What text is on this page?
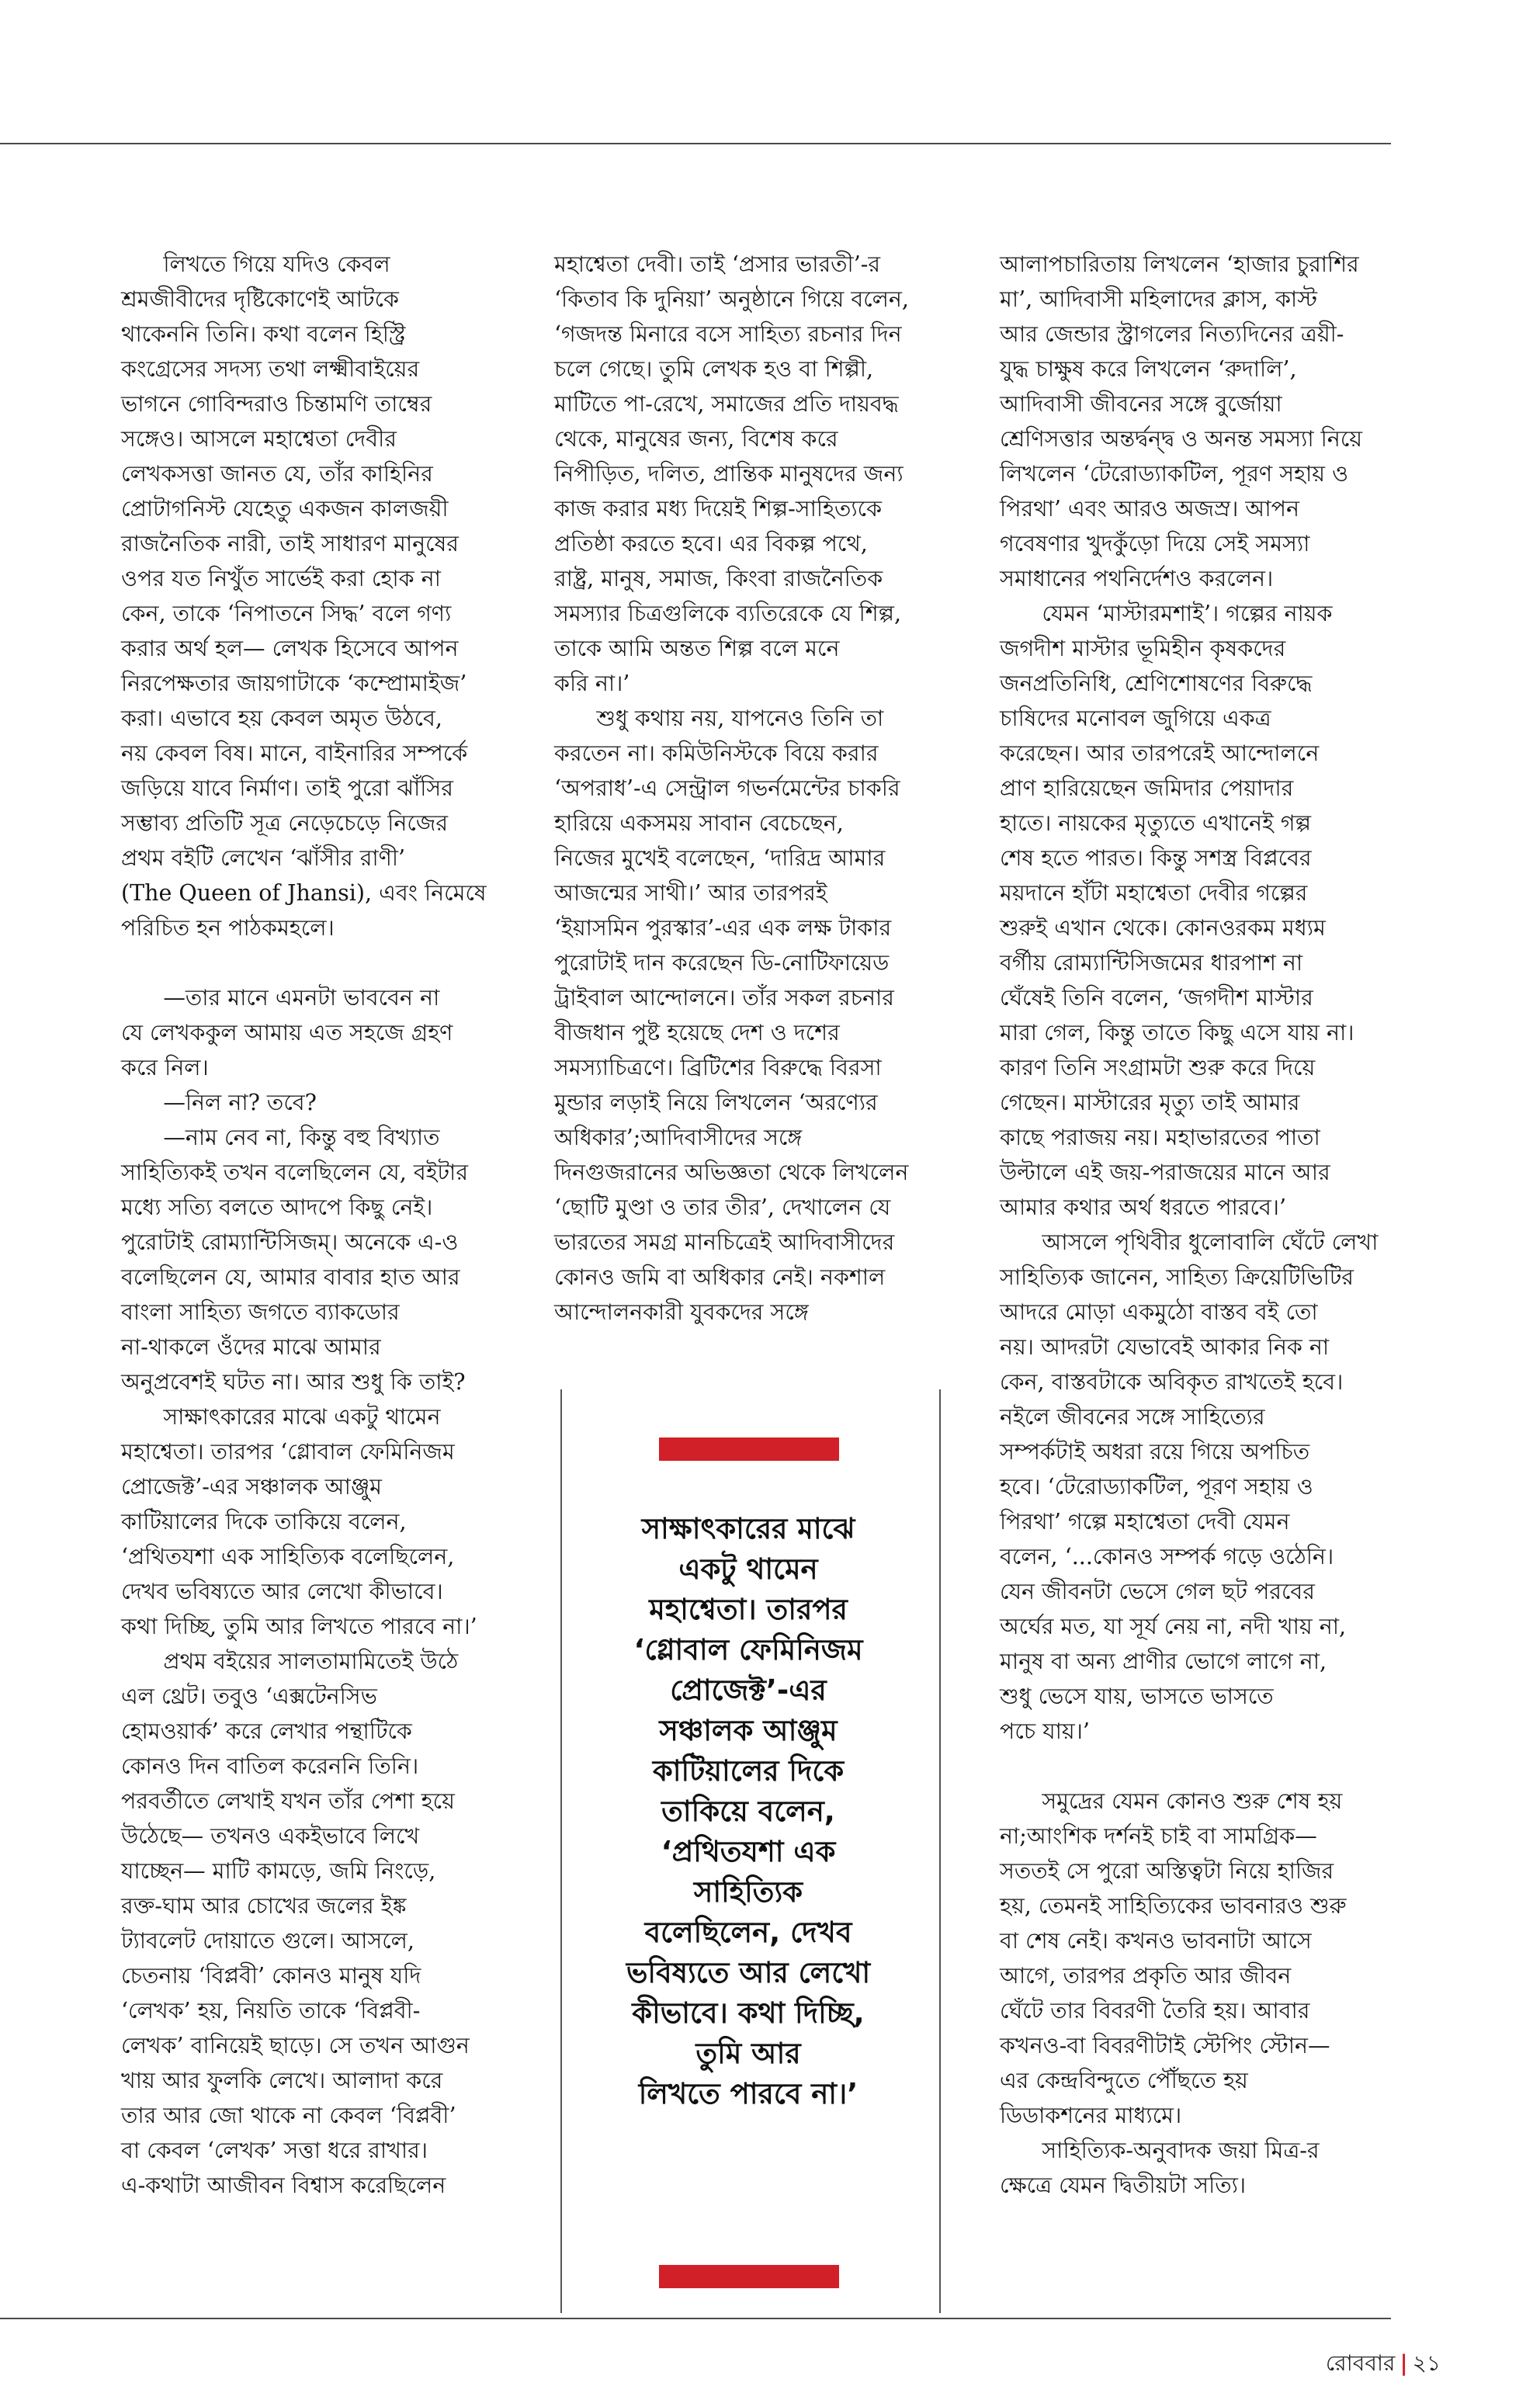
লিখতে গিয়ে যদিও কেবল

শ্রমজীবীদের দৃষ্টিকোণেই আটকে

থাকেননি তিনি। কথা বলেন হিস্ট্রি

কংগ্রেসের সদস্য তথা লক্ষ্মীবাইয়ের

ভাগনে গোবিন্দরাও চিন্তামণি তাম্বের

সঙ্গেও। আসলে মহাশ্বেতা দেবীর

লেখকসত্তা জানত যে, তাঁর কাহিনির

প্রোটাগনিস্ট যেহেতু একজন কালজয়ী

রাজনৈতিক নারী, তাই সাধারণ মানুষের

ওপর যত নিখুঁত সার্ভেই করা হোক না

কেন, তাকে ‘নিপাতনে সিদ্ধ’ বলে গণ্য

করার অর্থ হল— লেখক হিসেবে আপন

নিরপেক্ষতার জায়গাটাকে ‘কম্প্রোমাইজ’

করা। এভাবে হয় কেবল অমৃত উঠবে,

নয় কেবল বিষ। মানে, বাইনারির সম্পর্কে

জড়িয়ে যাবে নির্মাণ। তাই পুরো ঝাঁসির

সম্ভাব্য প্রতিটি সূত্র নেড়েচেড়ে নিজের

প্রথম বইটি লেখেন ‘ঝাঁসীর রাণী’

(The Queen of Jhansi), এবং নিমেষে

পরিচিত হন পাঠকমহলে।

—তার মানে এমনটা ভাববেন না

যে লেখককুল আমায় এত সহজে গ্রহণ

করে নিল।

—নিল না? তবে?

—নাম নেব না, কিন্তু বহু বিখ্যাত

সাহিত্যিকই তখন বলেছিলেন যে, বইটার

মধ্যে সত্যি বলতে আদপে কিছু নেই।

পুরোটাই রোম্যান্টিসিজম্। অনেকে এ-ও

বলেছিলেন যে, আমার বাবার হাত আর

বাংলা সাহিত্য জগতে ব্যাকডোর

না-থাকলে ওঁদের মাঝে আমার

অনুপ্রবেশই ঘটত না। আর শুধু কি তাই?

সাক্ষাৎকারের মাঝে একটু থামেন

মহাশ্বেতা। তারপর ‘গ্লোবাল ফেমিনিজম

প্রোজেক্ট’-এর সঞ্চালক আঞ্জুম

কাটিয়ালের দিকে তাকিয়ে বলেন,

‘প্রথিতযশা এক সাহিত্যিক বলেছিলেন,

দেখব ভবিষ্যতে আর লেখো কীভাবে।

কথা দিচ্ছি, তুমি আর লিখতে পারবে না।’

প্রথম বইয়ের সালতামামিতেই উঠে

এল থ্রেট। তবুও ‘এক্সটেনসিভ

হোমওয়ার্ক’ করে লেখার পন্থাটিকে

কোনও দিন বাতিল করেননি তিনি।

পরবর্তীতে লেখাই যখন তাঁর পেশা হয়ে

উঠেছে— তখনও একইভাবে লিখে

যাচ্ছেন— মাটি কামড়ে, জমি নিংড়ে,

রক্ত-ঘাম আর চোখের জলের ইঙ্ক

ট্যাবলেট দোয়াতে গুলে। আসলে,

চেতনায় ‘বিপ্লবী’ কোনও মানুষ যদি

‘লেখক’ হয়, নিয়তি তাকে ‘বিপ্লবী-

লেখক’ বানিয়েই ছাড়ে। সে তখন আগুন

খায় আর ফুলকি লেখে। আলাদা করে

তার আর জো থাকে না কেবল ‘বিপ্লবী’

বা কেবল ‘লেখক’ সত্তা ধরে রাখার।

এ-কথাটা আজীবন বিশ্বাস করেছিলেন

মহাশ্বেতা দেবী। তাই ‘প্রসার ভারতী’-র

‘কিতাব কি দুনিয়া’ অনুষ্ঠানে গিয়ে বলেন,

‘গজদন্ত মিনারে বসে সাহিত্য রচনার দিন

চলে গেছে। তুমি লেখক হও বা শিল্পী,

মাটিতে পা-রেখে, সমাজের প্রতি দায়বদ্ধ

থেকে, মানুষের জন্য, বিশেষ করে

নিপীড়িত, দলিত, প্রান্তিক মানুষদের জন্য

কাজ করার মধ্য দিয়েই শিল্প-সাহিত্যকে

প্রতিষ্ঠা করতে হবে। এর বিকল্প পথে,

রাষ্ট্র, মানুষ, সমাজ, কিংবা রাজনৈতিক

সমস্যার চিত্রগুলিকে ব্যতিরেকে যে শিল্প,

তাকে আমি অন্তত শিল্প বলে মনে

করি না।’

শুধু কথায় নয়, যাপনেও তিনি তা

করতেন না। কমিউনিস্টকে বিয়ে করার

‘অপরাধ’-এ সেন্ট্রাল গভর্নমেন্টের চাকরি

হারিয়ে একসময় সাবান বেচেছেন,

নিজের মুখেই বলেছেন, ‘দারিদ্র আমার

আজন্মের সাথী।’ আর তারপরই

‘ইয়াসমিন পুরস্কার’-এর এক লক্ষ টাকার

পুরোটাই দান করেছেন ডি-নোটিফায়েড

ট্রাইবাল আন্দোলনে। তাঁর সকল রচনার

বীজধান পুষ্ট হয়েছে দেশ ও দশের

সমস্যাচিত্রণে। ব্রিটিশের বিরুদ্ধে বিরসা

মুন্ডার লড়াই নিয়ে লিখলেন ‘অরণ্যের

অধিকার’;আদিবাসীদের সঙ্গে

দিনগুজরানের অভিজ্ঞতা থেকে লিখলেন

‘ছোটি মুণ্ডা ও তার তীর’, দেখালেন যে

ভারতের সমগ্র মানচিত্রেই আদিবাসীদের

কোনও জমি বা অধিকার নেই। নকশাল

আন্দোলনকারী যুবকদের সঙ্গে

সাক্ষাৎকারের মাঝে

একটু থামেন

মহাশ্বেতা। তারপর

‘গ্লোবাল ফেমিনিজম

প্রোজেক্ট’-এর

সঞ্চালক আঞ্জুম

কাটিয়ালের দিকে

তাকিয়ে বলেন,

‘প্রথিতযশা এক

সাহিত্যিক

বলেছিলেন, দেখব

ভবিষ্যতে আর লেখো

কীভাবে। কথা দিচ্ছি,

তুমি আর

লিখতে পারবে না।’

আলাপচারিতায় লিখলেন ‘হাজার চুরাশির

মা’, আদিবাসী মহিলাদের ক্লাস, কাস্ট

আর জেন্ডার স্ট্রাগলের নিত্যদিনের ত্রয়ী-

যুদ্ধ চাক্ষুষ করে লিখলেন ‘রুদালি’,

আদিবাসী জীবনের সঙ্গে বুর্জোয়া

শ্রেণিসত্তার অন্তর্দ্বন্দ্ব ও অনন্ত সমস্যা নিয়ে

লিখলেন ‘টেরোড্যাকটিল, পূরণ সহায় ও

পিরথা’ এবং আরও অজস্র। আপন

গবেষণার খুদকুঁড়ো দিয়ে সেই সমস্যা

সমাধানের পথনির্দেশও করলেন।

যেমন ‘মাস্টারমশাই’। গল্পের নায়ক

জগদীশ মাস্টার ভূমিহীন কৃষকদের

জনপ্রতিনিধি, শ্রেণিশোষণের বিরুদ্ধে

চাষিদের মনোবল জুগিয়ে একত্র

করেছেন। আর তারপরেই আন্দোলনে

প্রাণ হারিয়েছেন জমিদার পেয়াদার

হাতে। নায়কের মৃত্যুতে এখানেই গল্প

শেষ হতে পারত। কিন্তু সশস্ত্র বিপ্লবের

ময়দানে হাঁটা মহাশ্বেতা দেবীর গল্পের

শুরুই এখান থেকে। কোনওরকম মধ্যম

বর্গীয় রোম্যান্টিসিজমের ধারপাশ না

ঘেঁষেই তিনি বলেন, ‘জগদীশ মাস্টার

মারা গেল, কিন্তু তাতে কিছু এসে যায় না।

কারণ তিনি সংগ্রামটা শুরু করে দিয়ে

গেছেন। মাস্টারের মৃত্যু তাই আমার

কাছে পরাজয় নয়। মহাভারতের পাতা

উল্টালে এই জয়-পরাজয়ের মানে আর

আমার কথার অর্থ ধরতে পারবে।’

আসলে পৃথিবীর ধুলোবালি ঘেঁটে লেখা

সাহিত্যিক জানেন, সাহিত্য ক্রিয়েটিভিটির

আদরে মোড়া একমুঠো বাস্তব বই তো

নয়। আদরটা যেভাবেই আকার নিক না

কেন, বাস্তবটাকে অবিকৃত রাখতেই হবে।

নইলে জীবনের সঙ্গে সাহিত্যের

সম্পর্কটাই অধরা রয়ে গিয়ে অপচিত

হবে। ‘টেরোড্যাকটিল, পূরণ সহায় ও

পিরথা’ গল্পে মহাশ্বেতা দেবী যেমন

বলেন, ‘...কোনও সম্পর্ক গড়ে ওঠেনি।

যেন জীবনটা ভেসে গেল ছট পরবের

অর্ঘের মত, যা সূর্য নেয় না, নদী খায় না,

মানুষ বা অন্য প্রাণীর ভোগে লাগে না,

শুধু ভেসে যায়, ভাসতে ভাসতে

পচে যায়।’

সমুদ্রের যেমন কোনও শুরু শেষ হয়

না;আংশিক দর্শনই চাই বা সামগ্রিক—

সততই সে পুরো অস্তিত্বটা নিয়ে হাজির

হয়, তেমনই সাহিত্যিকের ভাবনারও শুরু

বা শেষ নেই। কখনও ভাবনাটা আসে

আগে, তারপর প্রকৃতি আর জীবন

ঘেঁটে তার বিবরণী তৈরি হয়। আবার

কখনও-বা বিবরণীটাই স্টেপিং স্টোন—

এর কেন্দ্রবিন্দুতে পৌঁছতে হয়

ডিডাকশনের মাধ্যমে।

সাহিত্যিক-অনুবাদক জয়া মিত্র-র

ক্ষেত্রে যেমন দ্বিতীয়টা সত্যি।

রোববার | ২১
